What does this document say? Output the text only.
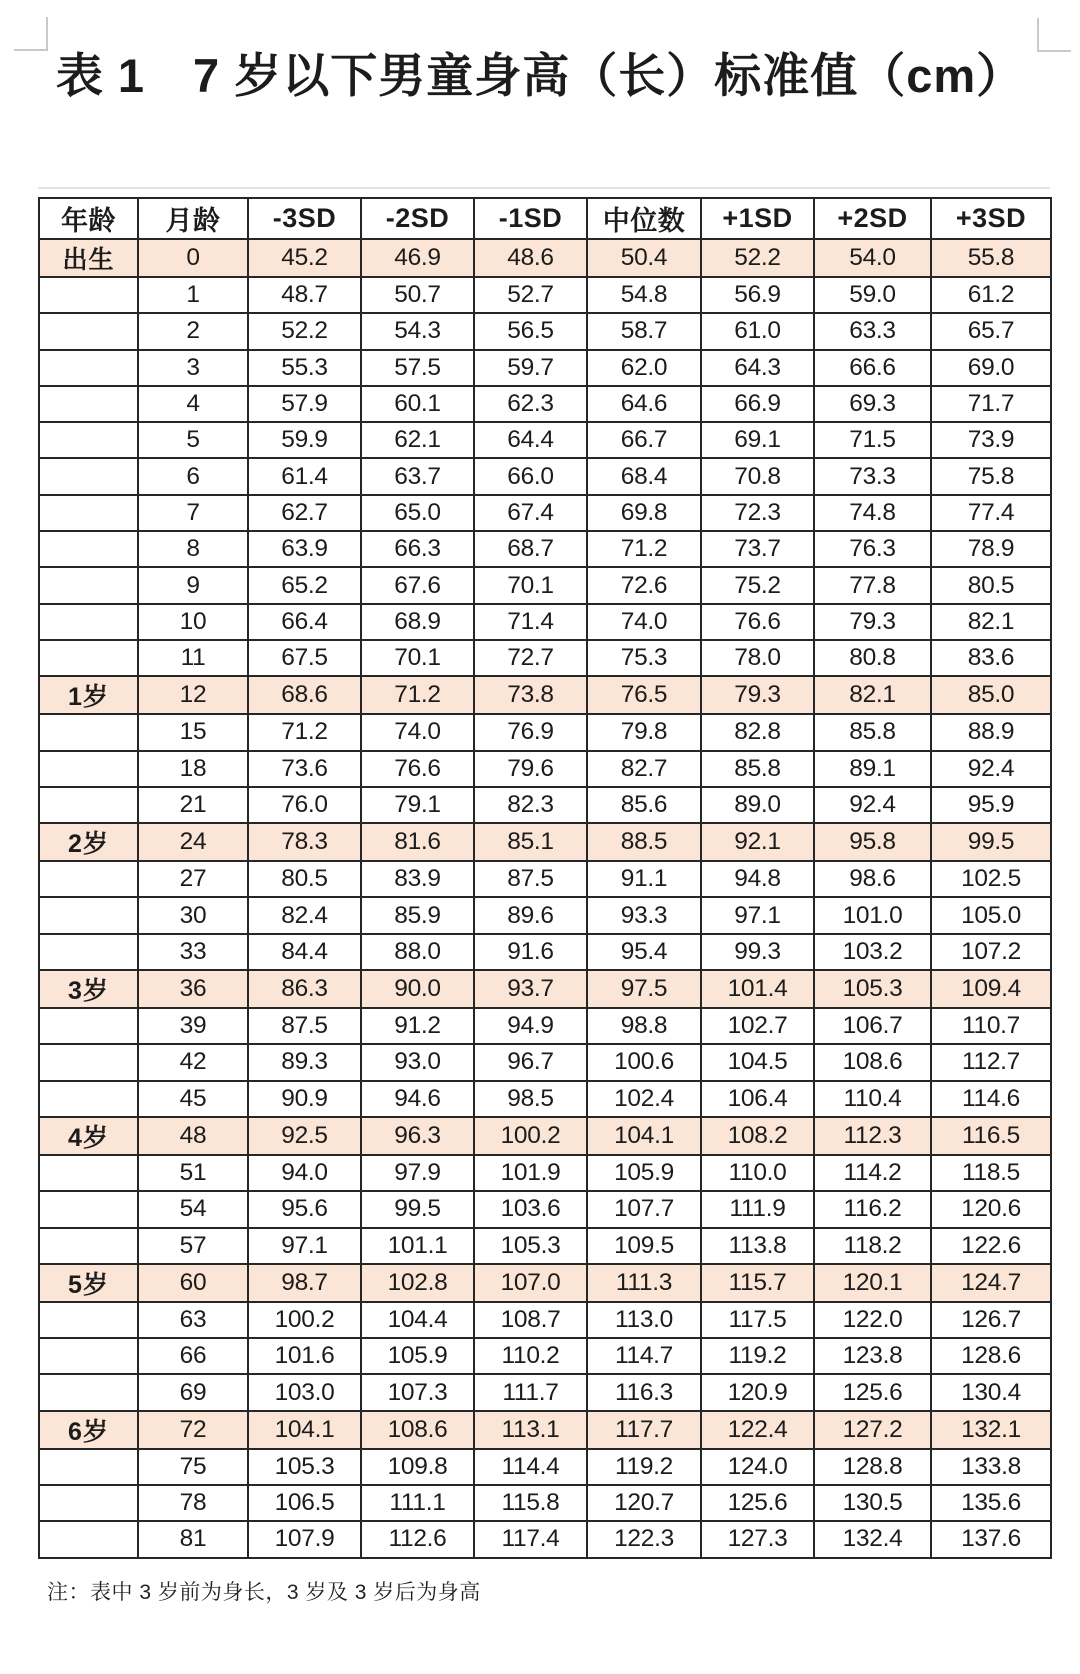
表 1　7 岁以下男童身高（长）标准值（cm）
年龄	月龄	-3SD	-2SD	-1SD	中位数	+1SD	+2SD	+3SD
出生	0	45.2	46.9	48.6	50.4	52.2	54.0	55.8
	1	48.7	50.7	52.7	54.8	56.9	59.0	61.2
	2	52.2	54.3	56.5	58.7	61.0	63.3	65.7
	3	55.3	57.5	59.7	62.0	64.3	66.6	69.0
	4	57.9	60.1	62.3	64.6	66.9	69.3	71.7
	5	59.9	62.1	64.4	66.7	69.1	71.5	73.9
	6	61.4	63.7	66.0	68.4	70.8	73.3	75.8
	7	62.7	65.0	67.4	69.8	72.3	74.8	77.4
	8	63.9	66.3	68.7	71.2	73.7	76.3	78.9
	9	65.2	67.6	70.1	72.6	75.2	77.8	80.5
	10	66.4	68.9	71.4	74.0	76.6	79.3	82.1
	11	67.5	70.1	72.7	75.3	78.0	80.8	83.6
1岁	12	68.6	71.2	73.8	76.5	79.3	82.1	85.0
	15	71.2	74.0	76.9	79.8	82.8	85.8	88.9
	18	73.6	76.6	79.6	82.7	85.8	89.1	92.4
	21	76.0	79.1	82.3	85.6	89.0	92.4	95.9
2岁	24	78.3	81.6	85.1	88.5	92.1	95.8	99.5
	27	80.5	83.9	87.5	91.1	94.8	98.6	102.5
	30	82.4	85.9	89.6	93.3	97.1	101.0	105.0
	33	84.4	88.0	91.6	95.4	99.3	103.2	107.2
3岁	36	86.3	90.0	93.7	97.5	101.4	105.3	109.4
	39	87.5	91.2	94.9	98.8	102.7	106.7	110.7
	42	89.3	93.0	96.7	100.6	104.5	108.6	112.7
	45	90.9	94.6	98.5	102.4	106.4	110.4	114.6
4岁	48	92.5	96.3	100.2	104.1	108.2	112.3	116.5
	51	94.0	97.9	101.9	105.9	110.0	114.2	118.5
	54	95.6	99.5	103.6	107.7	111.9	116.2	120.6
	57	97.1	101.1	105.3	109.5	113.8	118.2	122.6
5岁	60	98.7	102.8	107.0	111.3	115.7	120.1	124.7
	63	100.2	104.4	108.7	113.0	117.5	122.0	126.7
	66	101.6	105.9	110.2	114.7	119.2	123.8	128.6
	69	103.0	107.3	111.7	116.3	120.9	125.6	130.4
6岁	72	104.1	108.6	113.1	117.7	122.4	127.2	132.1
	75	105.3	109.8	114.4	119.2	124.0	128.8	133.8
	78	106.5	111.1	115.8	120.7	125.6	130.5	135.6
	81	107.9	112.6	117.4	122.3	127.3	132.4	137.6
注：表中 3 岁前为身长，3 岁及 3 岁后为身高
